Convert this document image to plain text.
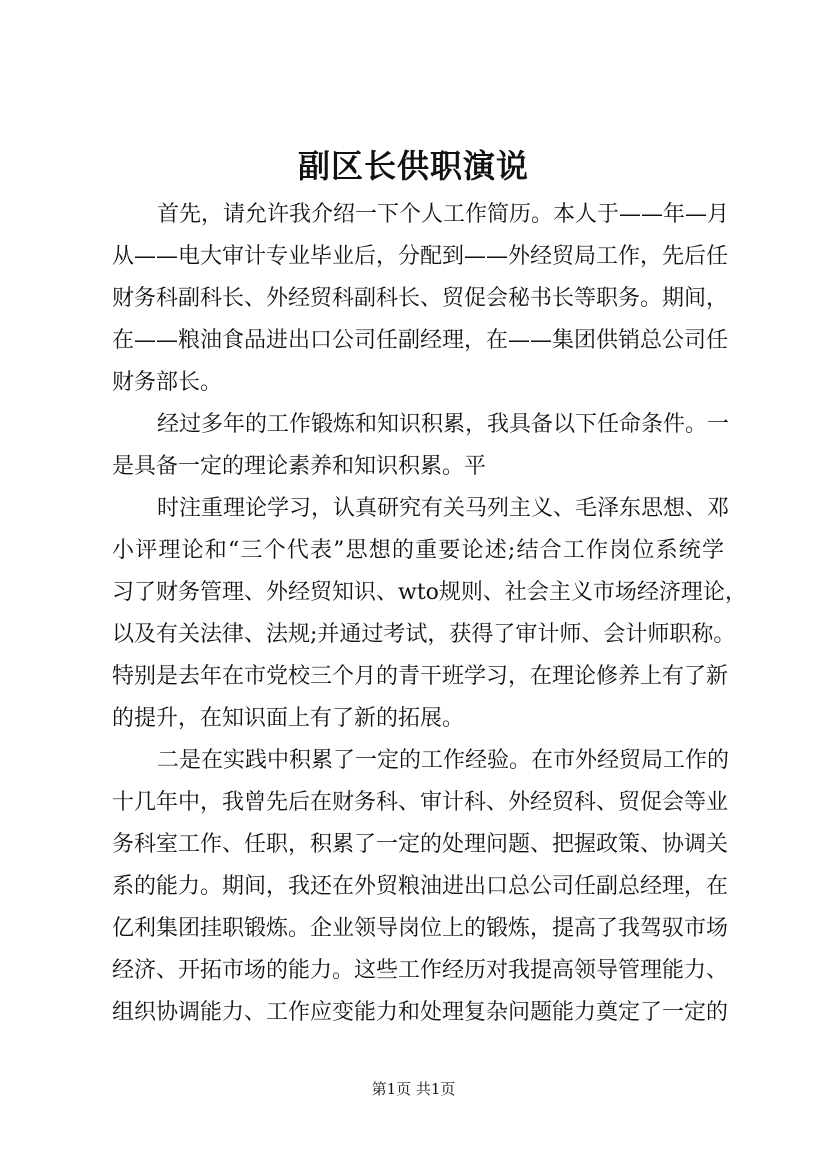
副区长供职演说
首先，请允许我介绍一下个人工作简历。本人于——年—月
从——电大审计专业毕业后，分配到——外经贸局工作，先后任
财务科副科长、外经贸科副科长、贸促会秘书长等职务。期间，
在——粮油食品进出口公司任副经理，在——集团供销总公司任
财务部长。
经过多年的工作锻炼和知识积累，我具备以下任命条件。一
是具备一定的理论素养和知识积累。平
时注重理论学习，认真研究有关马列主义、毛泽东思想、邓
小评理论和“三个代表”思想的重要论述;结合工作岗位系统学
习了财务管理、外经贸知识、wto规则、社会主义市场经济理论，
以及有关法律、法规;并通过考试，获得了审计师、会计师职称。
特别是去年在市党校三个月的青干班学习，在理论修养上有了新
的提升，在知识面上有了新的拓展。
二是在实践中积累了一定的工作经验。在市外经贸局工作的
十几年中，我曾先后在财务科、审计科、外经贸科、贸促会等业
务科室工作、任职，积累了一定的处理问题、把握政策、协调关
系的能力。期间，我还在外贸粮油进出口总公司任副总经理，在
亿利集团挂职锻炼。企业领导岗位上的锻炼，提高了我驾驭市场
经济、开拓市场的能力。这些工作经历对我提高领导管理能力、
组织协调能力、工作应变能力和处理复杂问题能力奠定了一定的
第1页 共1页
